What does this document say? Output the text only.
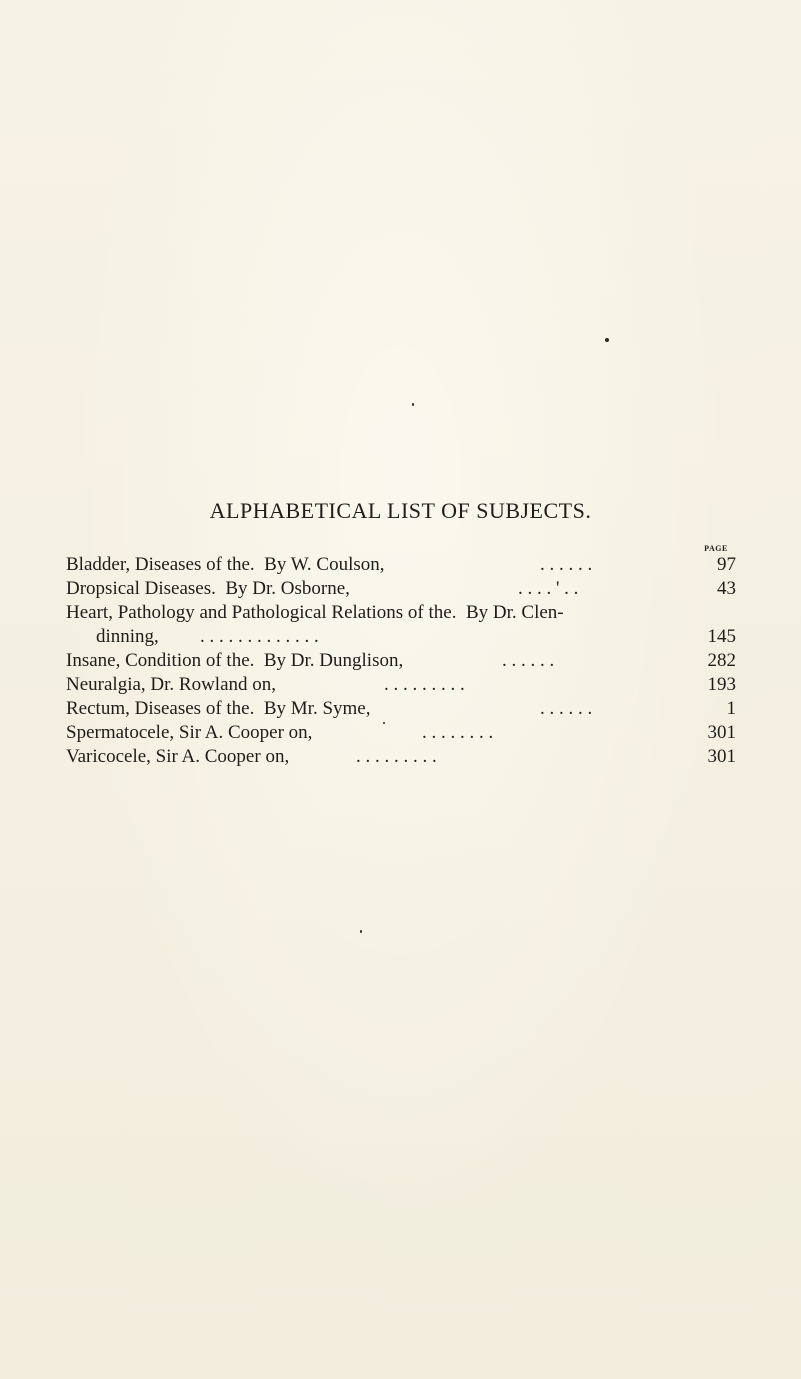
ALPHABETICAL LIST OF SUBJECTS.
PAGE
Bladder, Diseases of the.  By W. Coulson,	. . . . . .	97
Dropsical Diseases.  By Dr. Osborne,	. . . . ' . .	43
Heart, Pathology and Pathological Relations of the.  By Dr. Clen-
dinning, . . . . . . . . . . . . .	145
Insane, Condition of the.  By Dr. Dunglison,	. . . . . .	282
Neuralgia, Dr. Rowland on,	. . . . . . . . .	193
Rectum, Diseases of the.  By Mr. Syme,	. . . . . .	1
Spermatocele, Sir A. Cooper on,	. . . . . . . .	301
Varicocele, Sir A. Cooper on,	. . . . . . . . .	301
